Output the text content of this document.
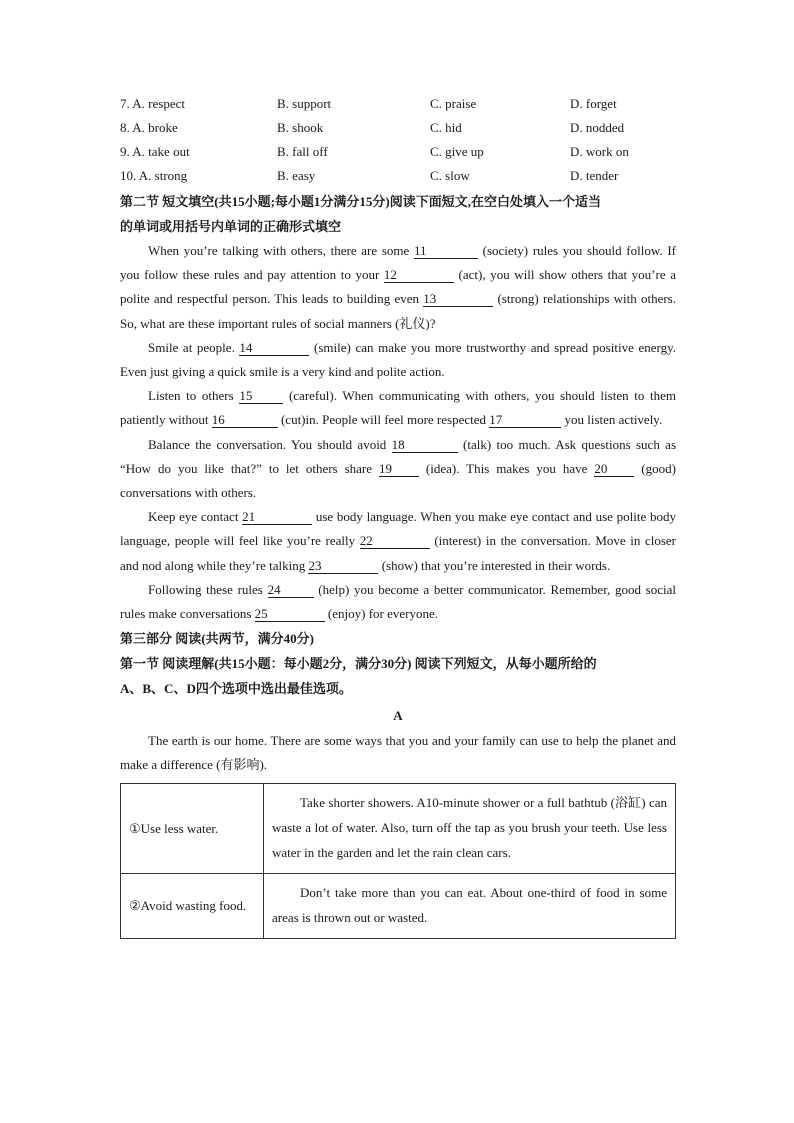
7. A. respect	B. support	C. praise	D. forget
8. A. broke	B. shook	C. hid	D. nodded
9. A. take out	B. fall off	C. give up	D. work on
10. A. strong	B. easy	C. slow	D. tender
第二节 短文填空(共15小题;每小题1分满分15分)阅读下面短文,在空白处填入一个适当
的单词或用括号内单词的正确形式填空

When you’re talking with others, there are some 11	(society) rules you should follow. If you follow these rules and pay attention to your 12	(act), you will show others that you’re a polite and respectful person. This leads to building even 13	(strong) relationships with others. So, what are these important rules of social manners (礼仪)?

Smile at people. 14	(smile) can make you more trustworthy and spread positive energy. Even just giving a quick smile is a very kind and polite action.

Listen to others 15 (careful). When communicating with others, you should listen to them patiently without 16	(cut)in. People will feel more respected 17	you listen actively.

Balance the conversation. You should avoid 18	(talk) too much. Ask questions such as “How do you like that?” to let others share 19 (idea). This makes you have 20 (good) conversations with others.

Keep eye contact 21	use body language. When you make eye contact and use polite body language, people will feel like you’re really 22	(interest) in the conversation. Move in closer and nod along while they’re talking 23	(show) that you’re interested in their words.

Following these rules 24	(help) you become a better communicator. Remember, good social rules make conversations 25	(enjoy) for everyone.

第三部分 阅读(共两节，满分40分)
第一节 阅读理解(共15小题：每小题2分，满分30分) 阅读下列短文，从每小题所给的
A、B、C、D四个选项中选出最佳选项。
A

The earth is our home. There are some ways that you and your family can use to help the planet and make a difference (有影响).

①Use less water.	Take shorter showers. A10-minute shower or a full bathtub (浴缸) can waste a lot of water. Also, turn off the tap as you brush your teeth. Use less water in the garden and let the rain clean cars.

②Avoid wasting food.	Don’t take more than you can eat. About one-third of food in some areas is thrown out or wasted.
